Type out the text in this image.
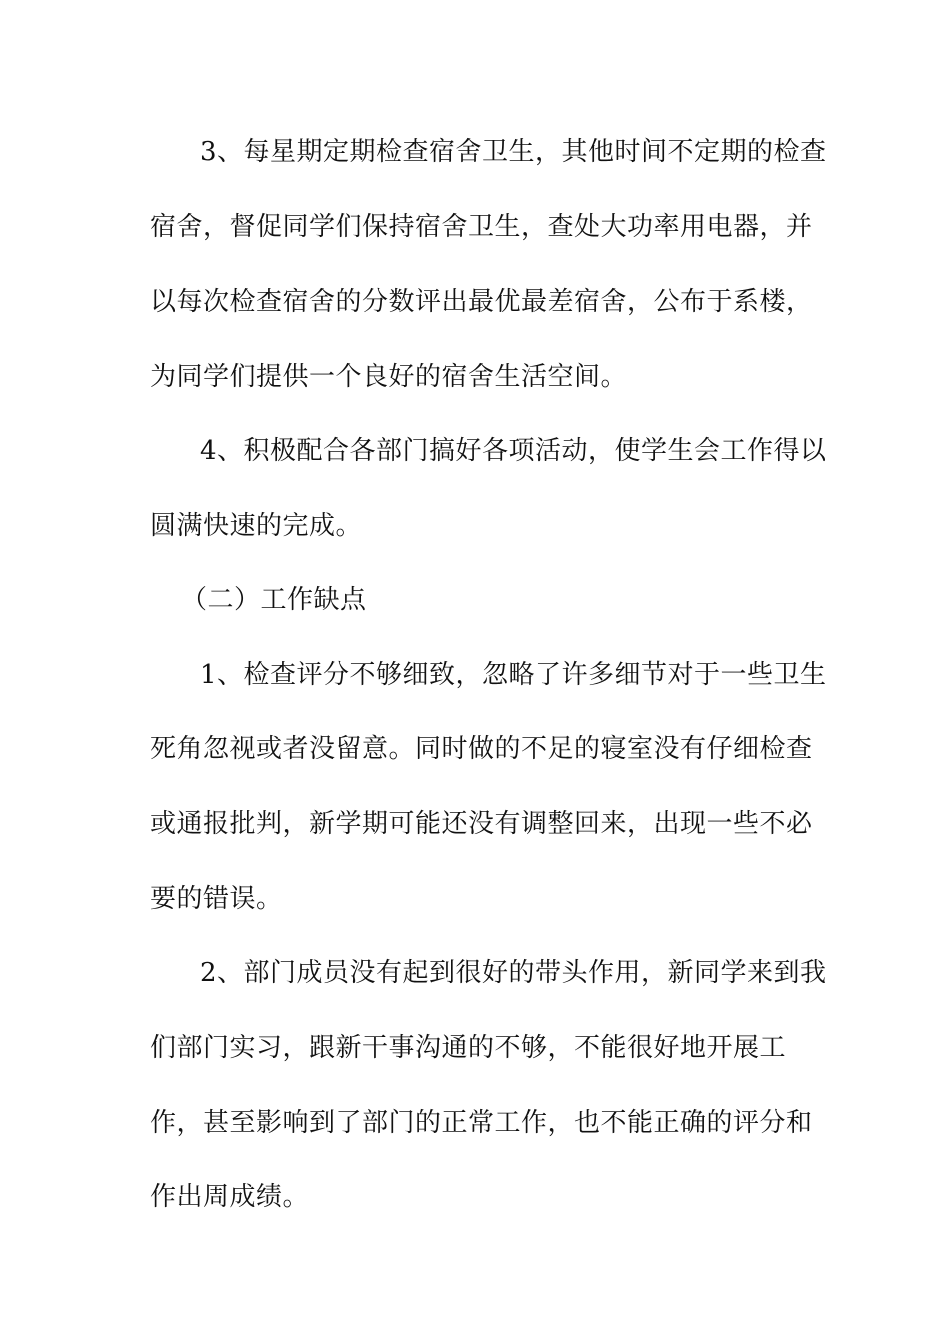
3、每星期定期检查宿舍卫生，其他时间不定期的检查
宿舍，督促同学们保持宿舍卫生，查处大功率用电器，并
以每次检查宿舍的分数评出最优最差宿舍，公布于系楼，
为同学们提供一个良好的宿舍生活空间。
4、积极配合各部门搞好各项活动，使学生会工作得以
圆满快速的完成。
（二）工作缺点
1、检查评分不够细致，忽略了许多细节对于一些卫生
死角忽视或者没留意。同时做的不足的寝室没有仔细检查
或通报批判，新学期可能还没有调整回来，出现一些不必
要的错误。
2、部门成员没有起到很好的带头作用，新同学来到我
们部门实习，跟新干事沟通的不够，不能很好地开展工
作，甚至影响到了部门的正常工作，也不能正确的评分和
作出周成绩。
